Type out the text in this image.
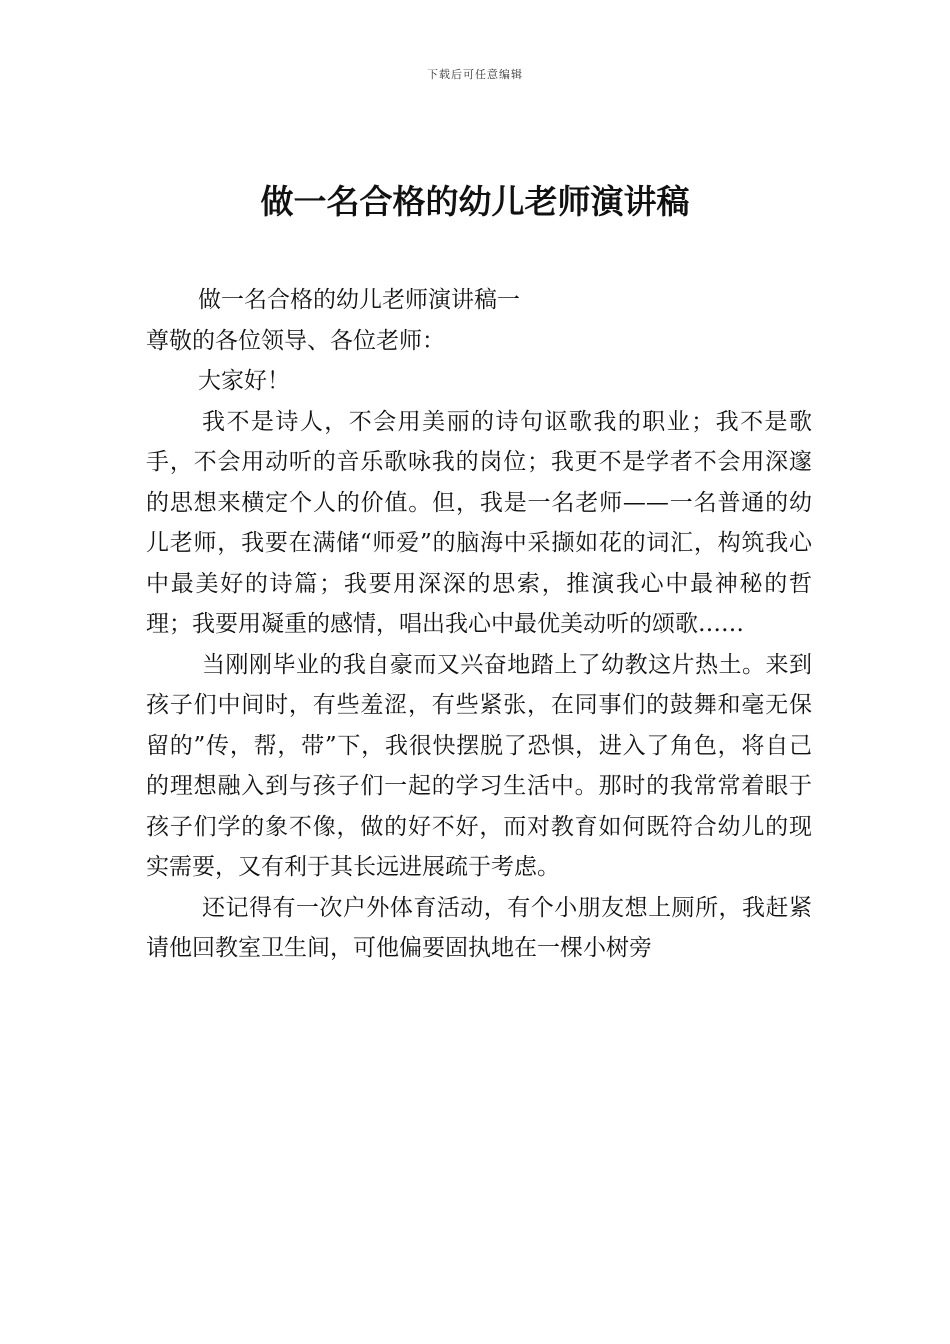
下载后可任意编辑
做一名合格的幼儿老师演讲稿

做一名合格的幼儿老师演讲稿一

尊敬的各位领导、各位老师：

大家好！

我不是诗人，不会用美丽的诗句讴歌我的职业；我不是歌手，不会用动听的音乐歌咏我的岗位；我更不是学者不会用深邃的思想来横定个人的价值。但，我是一名老师——一名普通的幼儿老师，我要在满储“师爱”的脑海中采撷如花的词汇，构筑我心中最美好的诗篇；我要用深深的思索，推演我心中最神秘的哲理；我要用凝重的感情，唱出我心中最优美动听的颂歌……

当刚刚毕业的我自豪而又兴奋地踏上了幼教这片热土。来到孩子们中间时，有些羞涩，有些紧张，在同事们的鼓舞和毫无保留的”传，帮，带”下，我很快摆脱了恐惧，进入了角色，将自己的理想融入到与孩子们一起的学习生活中。那时的我常常着眼于孩子们学的象不像，做的好不好，而对教育如何既符合幼儿的现实需要，又有利于其长远进展疏于考虑。

还记得有一次户外体育活动，有个小朋友想上厕所，我赶紧请他回教室卫生间，可他偏要固执地在一棵小树旁
